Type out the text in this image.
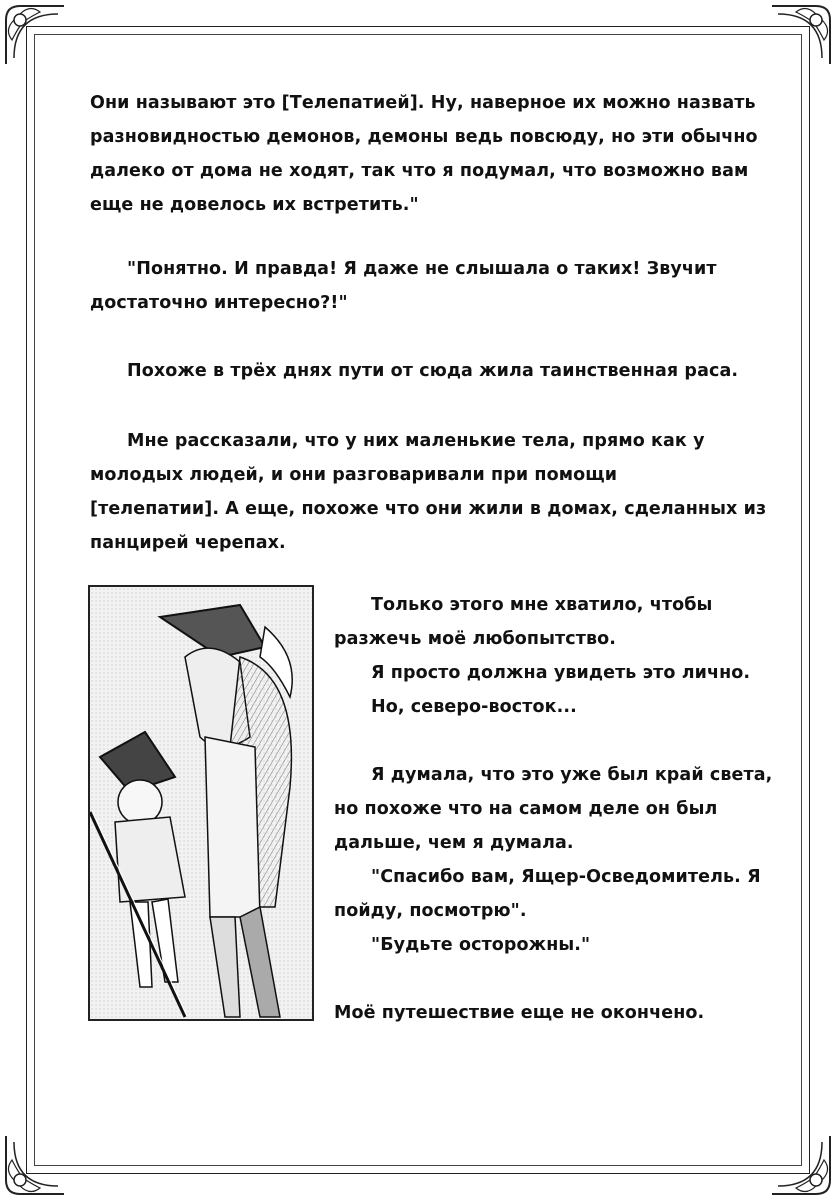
Они называют это [Телепатией]. Ну, наверное их можно назвать
разновидностью демонов, демоны ведь повсюду, но эти обычно
далеко от дома не ходят, так что я подумал, что возможно вам
еще не довелось их встретить."
"Понятно. И правда! Я даже не слышала о таких! Звучит
достаточно интересно?!"
Похоже в трёх днях пути от сюда жила таинственная раса.
Мне рассказали, что у них маленькие тела, прямо как у
молодых людей, и они разговаривали при помощи
[телепатии]. А еще, похоже что они жили в домах, сделанных из
панцирей черепах.
Только этого мне хватило, чтобы
разжечь моё любопытство.
Я просто должна увидеть это лично.
Но, северо-восток...
Я думала, что это уже был край света,
но похоже что на самом деле он был
дальше, чем я думала.
"Спасибо вам, Ящер-Осведомитель. Я
пойду, посмотрю".
"Будьте осторожны."
Моё путешествие еще не окончено.
